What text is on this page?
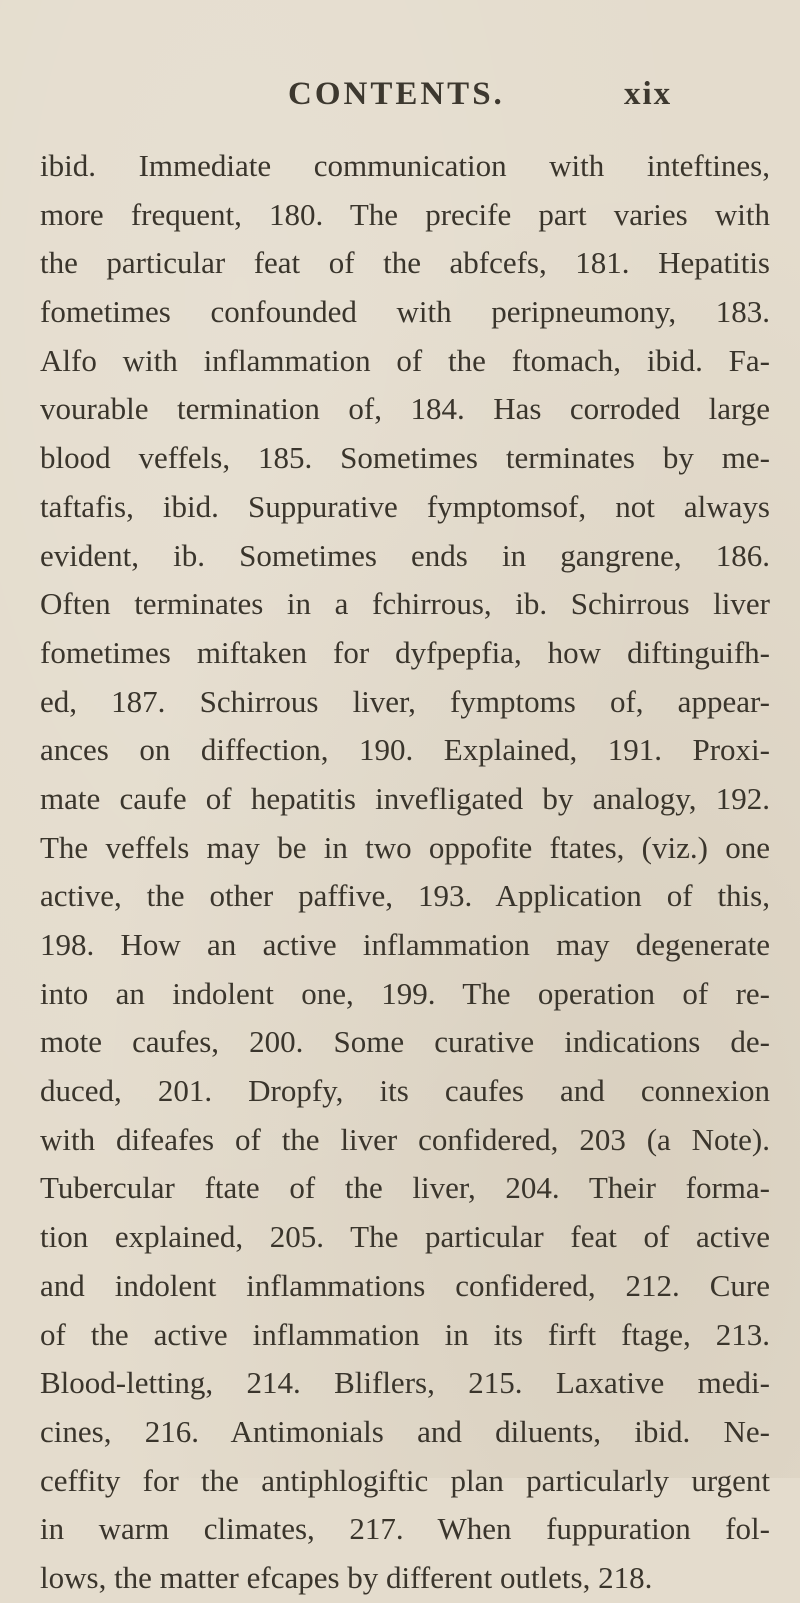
CONTENTS.	xix
ibid. Immediate communication with inteftines,
more frequent, 180. The precife part varies with
the particular feat of the abfcefs, 181. Hepatitis
fometimes confounded with peripneumony, 183.
Alfo with inflammation of the ftomach, ibid. Fa-
vourable termination of, 184. Has corroded large
blood veffels, 185. Sometimes terminates by me-
taftafis, ibid. Suppurative fymptomsof, not always
evident, ib. Sometimes ends in gangrene, 186.
Often terminates in a fchirrous, ib. Schirrous liver
fometimes miftaken for dyfpepfia, how diftinguifh-
ed, 187. Schirrous liver, fymptoms of, appear-
ances on diffection, 190. Explained, 191. Proxi-
mate caufe of hepatitis invefligated by analogy, 192.
The veffels may be in two oppofite ftates, (viz.) one
active, the other paffive, 193. Application of this,
198. How an active inflammation may degenerate
into an indolent one, 199. The operation of re-
mote caufes, 200. Some curative indications de-
duced, 201. Dropfy, its caufes and connexion
with difeafes of the liver confidered, 203 (a Note).
Tubercular ftate of the liver, 204. Their forma-
tion explained, 205. The particular feat of active
and indolent inflammations confidered, 212. Cure
of the active inflammation in its firft ftage, 213.
Blood-letting, 214. Bliflers, 215. Laxative medi-
cines, 216. Antimonials and diluents, ibid. Ne-
ceffity for the antiphlogiftic plan particularly urgent
in warm climates, 217. When fuppuration fol-
lows, the matter efcapes by different outlets, 218.
